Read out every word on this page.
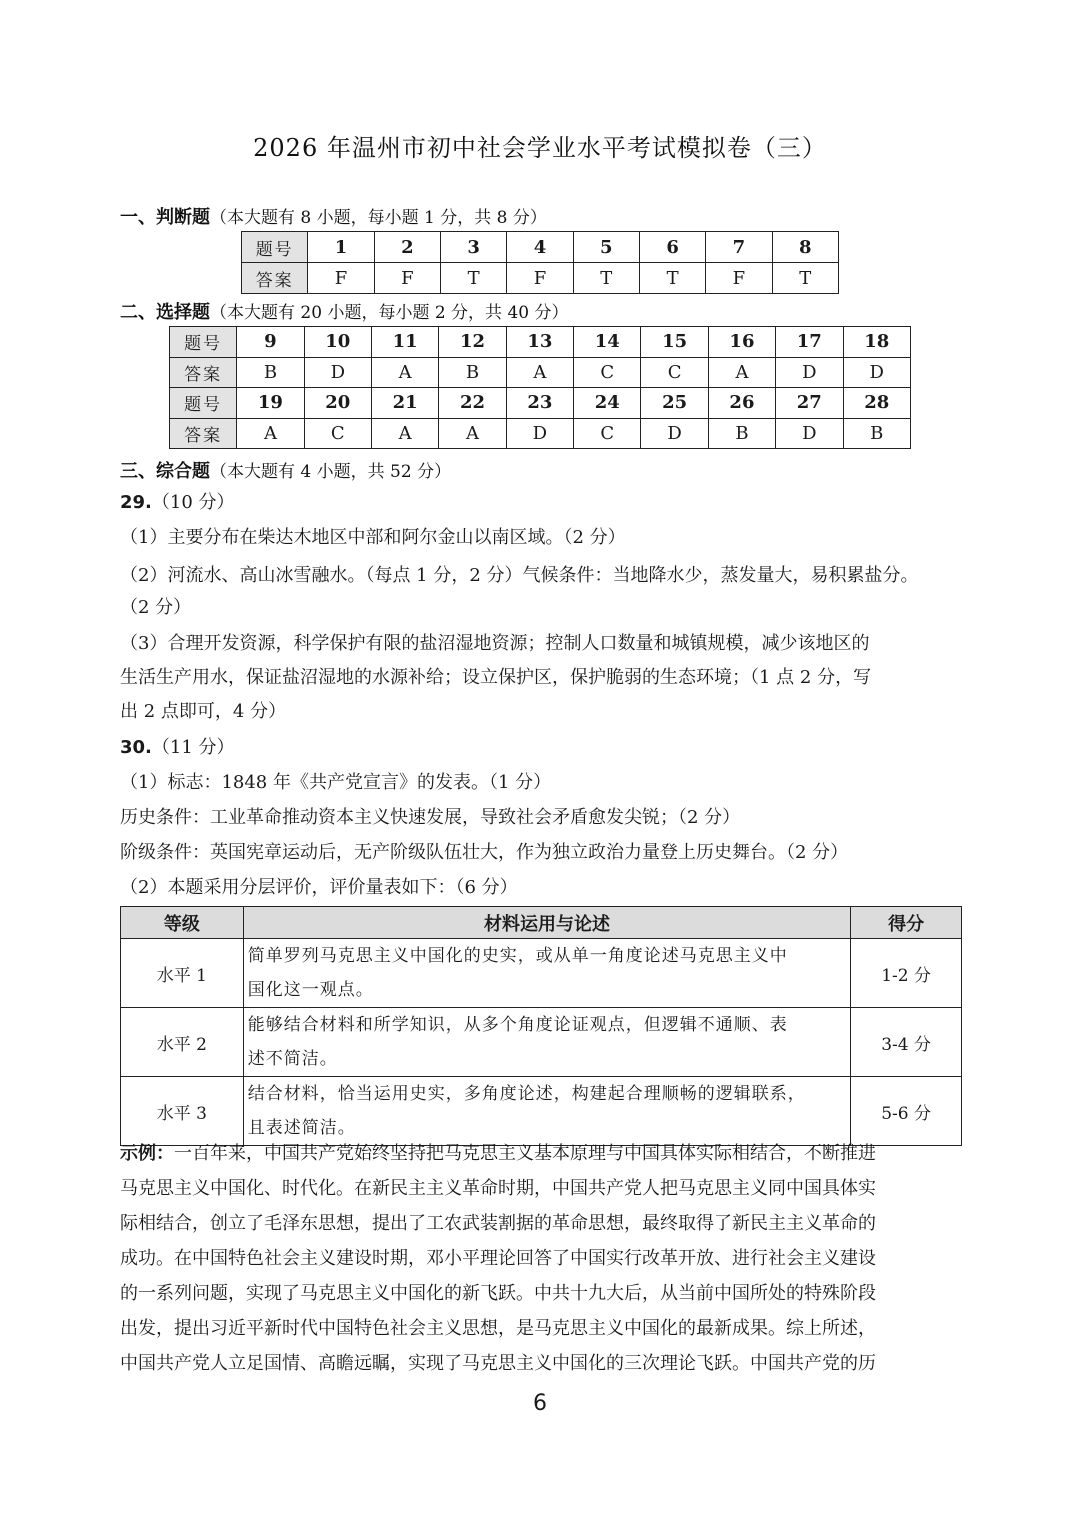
2026 年温州市初中社会学业水平考试模拟卷（三）
一、判断题（本大题有 8 小题，每小题 1 分，共 8 分）
题号	1	2	3	4	5	6	7	8
答案	F	F	T	F	T	T	F	T
二、选择题（本大题有 20 小题，每小题 2 分，共 40 分）
题号	9	10	11	12	13	14	15	16	17	18
答案	B	D	A	B	A	C	C	A	D	D
题号	19	20	21	22	23	24	25	26	27	28
答案	A	C	A	A	D	C	D	B	D	B
三、综合题（本大题有 4 小题，共 52 分）
29.（10 分）
（1）主要分布在柴达木地区中部和阿尔金山以南区域。（2 分）
（2）河流水、高山冰雪融水。（每点 1 分，2 分）气候条件：当地降水少，蒸发量大，易积累盐分。
（2 分）
（3）合理开发资源，科学保护有限的盐沼湿地资源；控制人口数量和城镇规模，减少该地区的
生活生产用水，保证盐沼湿地的水源补给；设立保护区，保护脆弱的生态环境；（1 点 2 分，写
出 2 点即可，4 分）
30.（11 分）
（1）标志：1848 年《共产党宣言》的发表。（1 分）
历史条件：工业革命推动资本主义快速发展，导致社会矛盾愈发尖锐；（2 分）
阶级条件：英国宪章运动后，无产阶级队伍壮大，作为独立政治力量登上历史舞台。（2 分）
（2）本题采用分层评价，评价量表如下：（6 分）
等级	材料运用与论述	得分
水平 1	简单罗列马克思主义中国化的史实，或从单一角度论述马克思主义中
国化这一观点。	1-2 分
水平 2	能够结合材料和所学知识，从多个角度论证观点，但逻辑不通顺、表
述不简洁。	3-4 分
水平 3	结合材料，恰当运用史实，多角度论述，构建起合理顺畅的逻辑联系，
且表述简洁。	5-6 分
示例：一百年来，中国共产党始终坚持把马克思主义基本原理与中国具体实际相结合，不断推进
马克思主义中国化、时代化。在新民主主义革命时期，中国共产党人把马克思主义同中国具体实
际相结合，创立了毛泽东思想，提出了工农武装割据的革命思想，最终取得了新民主主义革命的
成功。在中国特色社会主义建设时期，邓小平理论回答了中国实行改革开放、进行社会主义建设
的一系列问题，实现了马克思主义中国化的新飞跃。中共十九大后，从当前中国所处的特殊阶段
出发，提出习近平新时代中国特色社会主义思想，是马克思主义中国化的最新成果。综上所述，
中国共产党人立足国情、高瞻远瞩，实现了马克思主义中国化的三次理论飞跃。中国共产党的历
6
